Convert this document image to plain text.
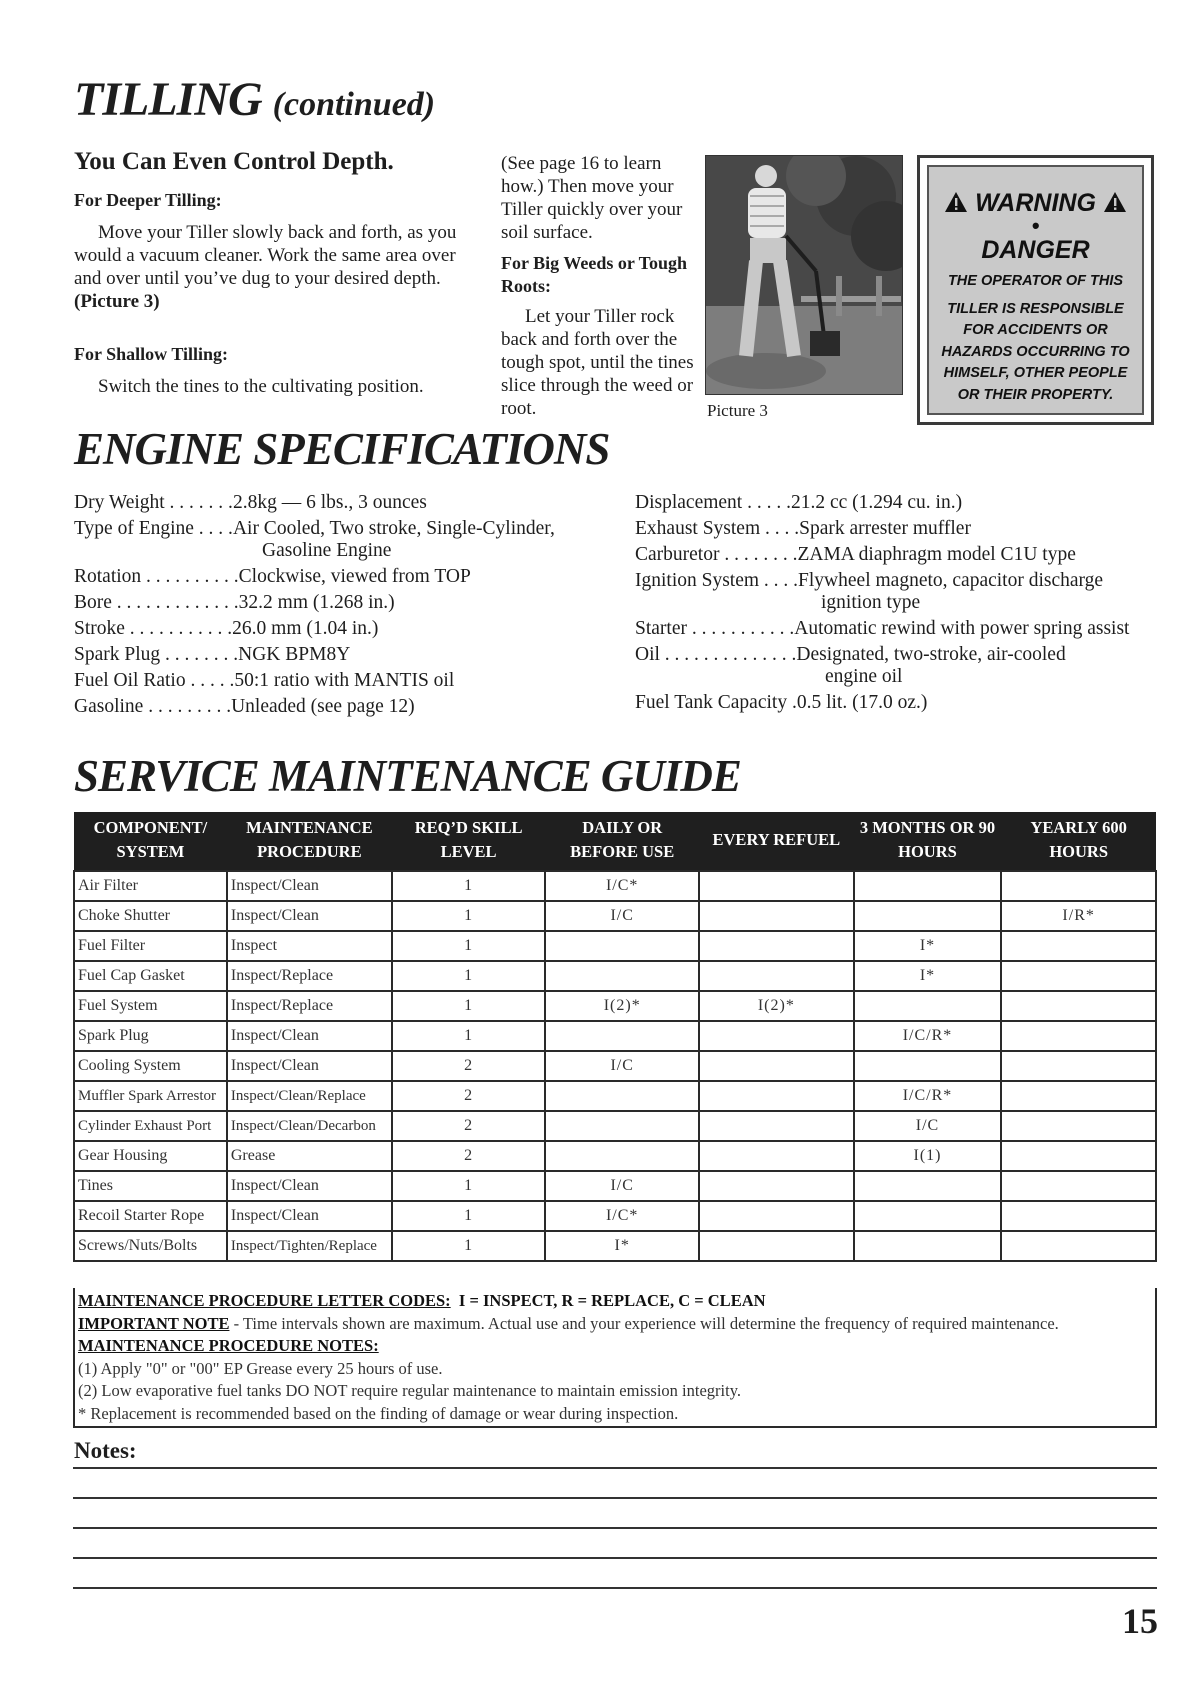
TILLING (continued)
You Can Even Control Depth.
For Deeper Tilling:

Move your Tiller slowly back and forth, as you would a vacuum cleaner. Work the same area over and over until you’ve dug to your desired depth. (Picture 3)

For Shallow Tilling:

Switch the tines to the cultivating position.

(See page 16 to learn how.) Then move your Tiller quickly over your soil surface.

For Big Weeds or Tough Roots:

Let your Tiller rock back and forth over the tough spot, until the tines slice through the weed or root.	Picture 3
WARNING
•
DANGER
THE OPERATOR OF THIS
TILLER IS RESPONSIBLE FOR ACCIDENTS OR HAZARDS OCCURRING TO HIMSELF, OTHER PEOPLE OR THEIR PROPERTY.
ENGINE SPECIFICATIONS
Dry Weight . . . . . . .2.8kg — 6 lbs., 3 ounces
Type of Engine . . . .Air Cooled, Two stroke, Single-Cylinder,
Gasoline Engine
Rotation . . . . . . . . . .Clockwise, viewed from TOP
Bore . . . . . . . . . . . . .32.2 mm (1.268 in.)
Stroke . . . . . . . . . . .26.0 mm (1.04 in.)
Spark Plug . . . . . . . .NGK BPM8Y
Fuel Oil Ratio . . . . .50:1 ratio with MANTIS oil
Gasoline . . . . . . . . .Unleaded (see page 12)
Displacement . . . . .21.2 cc (1.294 cu. in.)
Exhaust System . . . .Spark arrester muffler
Carburetor . . . . . . . .ZAMA diaphragm model C1U type
Ignition System . . . .Flywheel magneto, capacitor discharge
ignition type
Starter . . . . . . . . . . .Automatic rewind with power spring assist
Oil . . . . . . . . . . . . . .Designated, two-stroke, air-cooled
engine oil
Fuel Tank Capacity .0.5 lit. (17.0 oz.)
SERVICE MAINTENANCE GUIDE
COMPONENT/ SYSTEM	MAINTENANCE PROCEDURE	REQ’D SKILL LEVEL	DAILY OR BEFORE USE	EVERY REFUEL	3 MONTHS OR 90 HOURS	YEARLY 600 HOURS
Air Filter	Inspect/Clean	1	I/C*			
Choke Shutter	Inspect/Clean	1	I/C			I/R*
Fuel Filter	Inspect	1			I*	
Fuel Cap Gasket	Inspect/Replace	1			I*	
Fuel System	Inspect/Replace	1	I(2)*	I(2)*		
Spark Plug	Inspect/Clean	1			I/C/R*	
Cooling System	Inspect/Clean	2	I/C			
Muffler Spark Arrestor	Inspect/Clean/Replace	2			I/C/R*	
Cylinder Exhaust Port	Inspect/Clean/Decarbon	2			I/C	
Gear Housing	Grease	2			I(1)	
Tines	Inspect/Clean	1	I/C			
Recoil Starter Rope	Inspect/Clean	1	I/C*			
Screws/Nuts/Bolts	Inspect/Tighten/Replace	1	I*			
MAINTENANCE PROCEDURE LETTER CODES: I = INSPECT, R = REPLACE, C = CLEAN
IMPORTANT NOTE - Time intervals shown are maximum. Actual use and your experience will determine the frequency of required maintenance.
MAINTENANCE PROCEDURE NOTES:
(1) Apply "0" or "00" EP Grease every 25 hours of use.
(2) Low evaporative fuel tanks DO NOT require regular maintenance to maintain emission integrity.
* Replacement is recommended based on the finding of damage or wear during inspection.
Notes:
15
